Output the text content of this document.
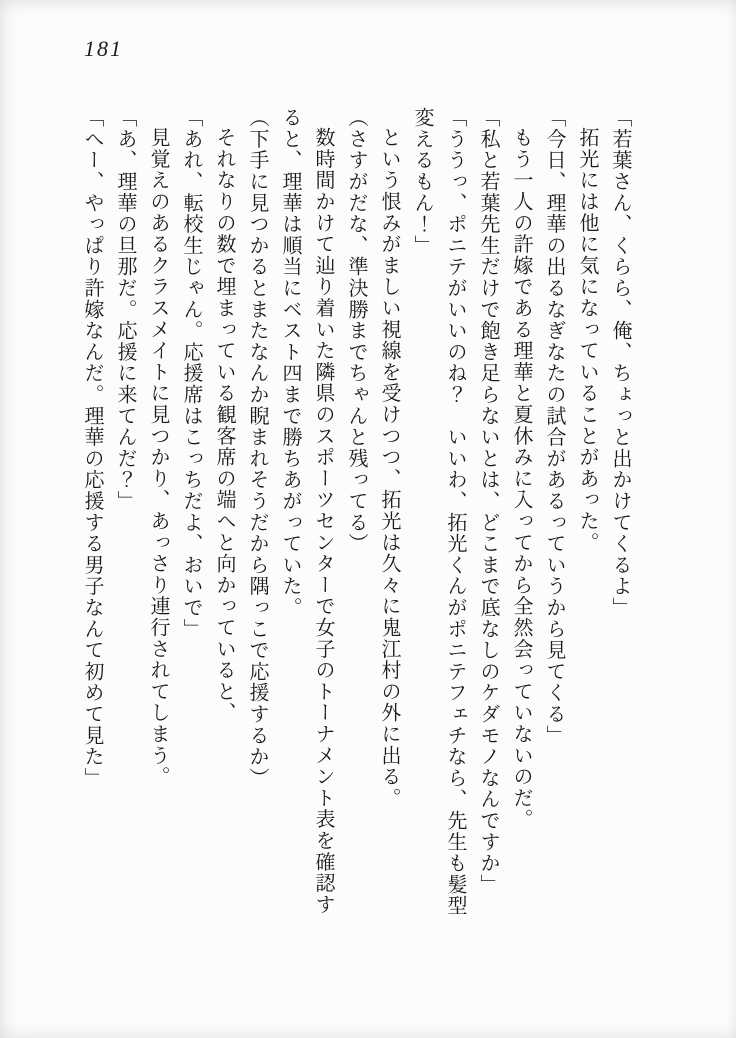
181

「若葉さん、くらら、俺、ちょっと出かけてくるよ」

拓光には他に気になっていることがあった。

「今日、理華の出るなぎなたの試合があるっていうから見てくる」

もう一人の許嫁である理華と夏休みに入ってから全然会っていないのだ。

「私と若葉先生だけで飽き足らないとは、どこまで底なしのケダモノなんですか」

「ううっ、ポニテがいいのね？　いいわ、拓光くんがポニテフェチなら、先生も髪型

変えるもん！」

という恨みがましい視線を受けつつ、拓光は久々に鬼江村の外に出る。

（さすがだな、準決勝までちゃんと残ってる）

数時間かけて辿り着いた隣県のスポーツセンターで女子のトーナメント表を確認す

ると、理華は順当にベスト四まで勝ちあがっていた。

（下手に見つかるとまたなんか睨まれそうだから隅っこで応援するか）

それなりの数で埋まっている観客席の端へと向かっていると、

「あれ、転校生じゃん。応援席はこっちだよ、おいで」

見覚えのあるクラスメイトに見つかり、あっさり連行されてしまう。

「あ、理華の旦那だ。応援に来てんだ？」

「へー、やっぱり許嫁なんだ。理華の応援する男子なんて初めて見た」
